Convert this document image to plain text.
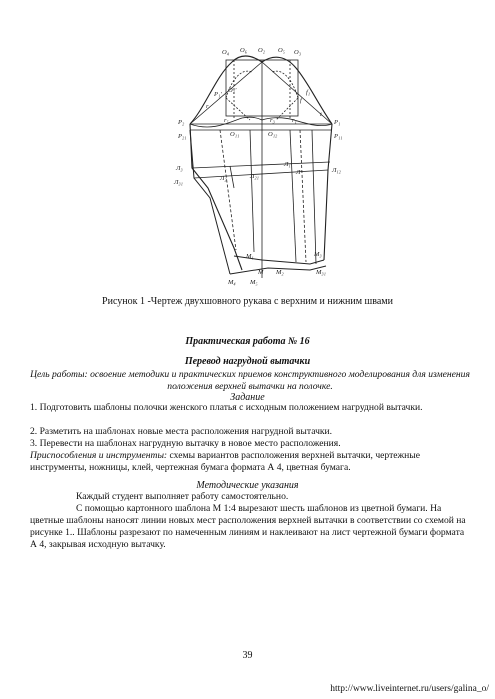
O₄ O₆ O₂ O₅ O₃
P₁'
O₇'
r
f
f₁
t
P₂
P₂₁
r₅
O₁₁
r₃
O₁₂
r₁	P₁
P₁₁
Л₃
Л₃₁
Л₂
Л₁
Л
Л₂₁
Л₁₂
M₁
M M₂
M₃
M₃₁
M₄ M₅
Рисунок 1 -Чертеж двухшовного рукава с верхним и нижним швами
Практическая работа № 16
Перевод нагрудной вытачки
Цель работы: освоение методики и практических приемов конструктивного моделирования для изменения положения верхней вытачки на полочке.
Задание
1. Подготовить шаблоны полочки женского платья с исходным положением нагрудной вытачки.
2. Разметить на шаблонах новые места расположения нагрудной вытачки.
3. Перевести на шаблонах нагрудную вытачку в новое место расположения.
Приспособления и инструменты: схемы вариантов расположения верхней вытачки, чертежные инструменты, ножницы, клей, чертежная бумага формата А 4, цветная бумага.
Методические указания
Каждый студент выполняет работу самостоятельно.
С помощью картонного шаблона М 1:4 вырезают шесть шаблонов из цветной бумаги. На цветные шаблоны наносят линии новых мест расположения верхней вытачки в соответствии со схемой на рисунке 1.. Шаблоны разрезают по намеченным линиям и наклеивают на лист чертежной бумаги формата А 4, закрывая исходную вытачку.
39
http://www.liveinternet.ru/users/galina_o/
